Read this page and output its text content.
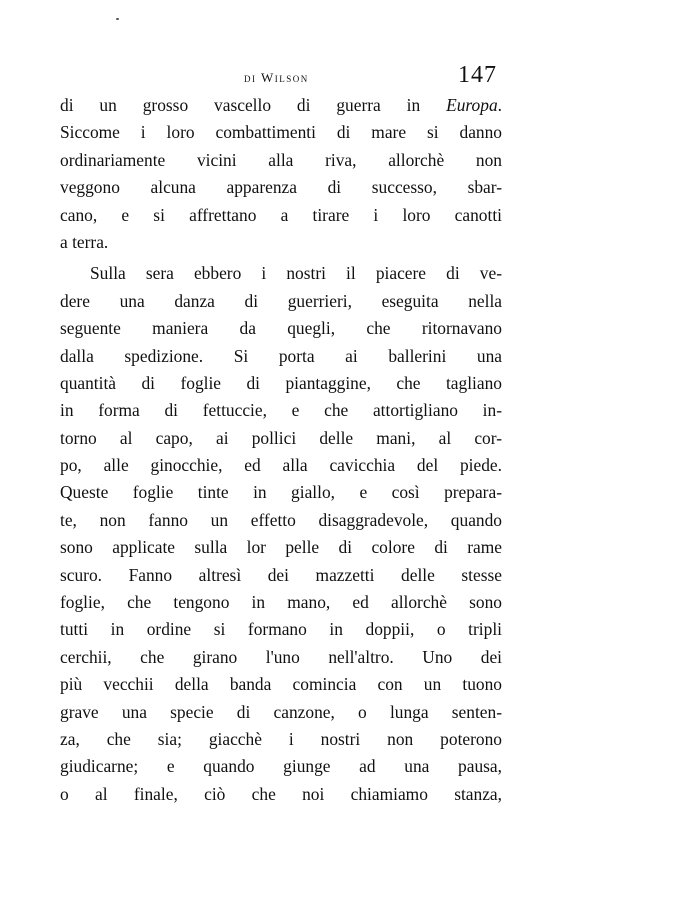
di Wilson	147
di un grosso vascello di guerra in Europa.
Siccome i loro combattimenti di mare si danno
ordinariamente vicini alla riva, allorchè non
veggono alcuna apparenza di successo, sbar-
cano, e si affrettano a tirare i loro canotti
a terra.
Sulla sera ebbero i nostri il piacere di ve-
dere una danza di guerrieri, eseguita nella
seguente maniera da quegli, che ritornavano
dalla spedizione. Si porta ai ballerini una
quantità di foglie di piantaggine, che tagliano
in forma di fettuccie, e che attortigliano in-
torno al capo, ai pollici delle mani, al cor-
po, alle ginocchie, ed alla cavicchia del piede.
Queste foglie tinte in giallo, e così prepara-
te, non fanno un effetto disaggradevole, quando
sono applicate sulla lor pelle di colore di rame
scuro. Fanno altresì dei mazzetti delle stesse
foglie, che tengono in mano, ed allorchè sono
tutti in ordine si formano in doppii, o tripli
cerchii, che girano l'uno nell'altro. Uno dei
più vecchii della banda comincia con un tuono
grave una specie di canzone, o lunga senten-
za, che sia; giacchè i nostri non poterono
giudicarne; e quando giunge ad una pausa,
o al finale, ciò che noi chiamiamo stanza,
